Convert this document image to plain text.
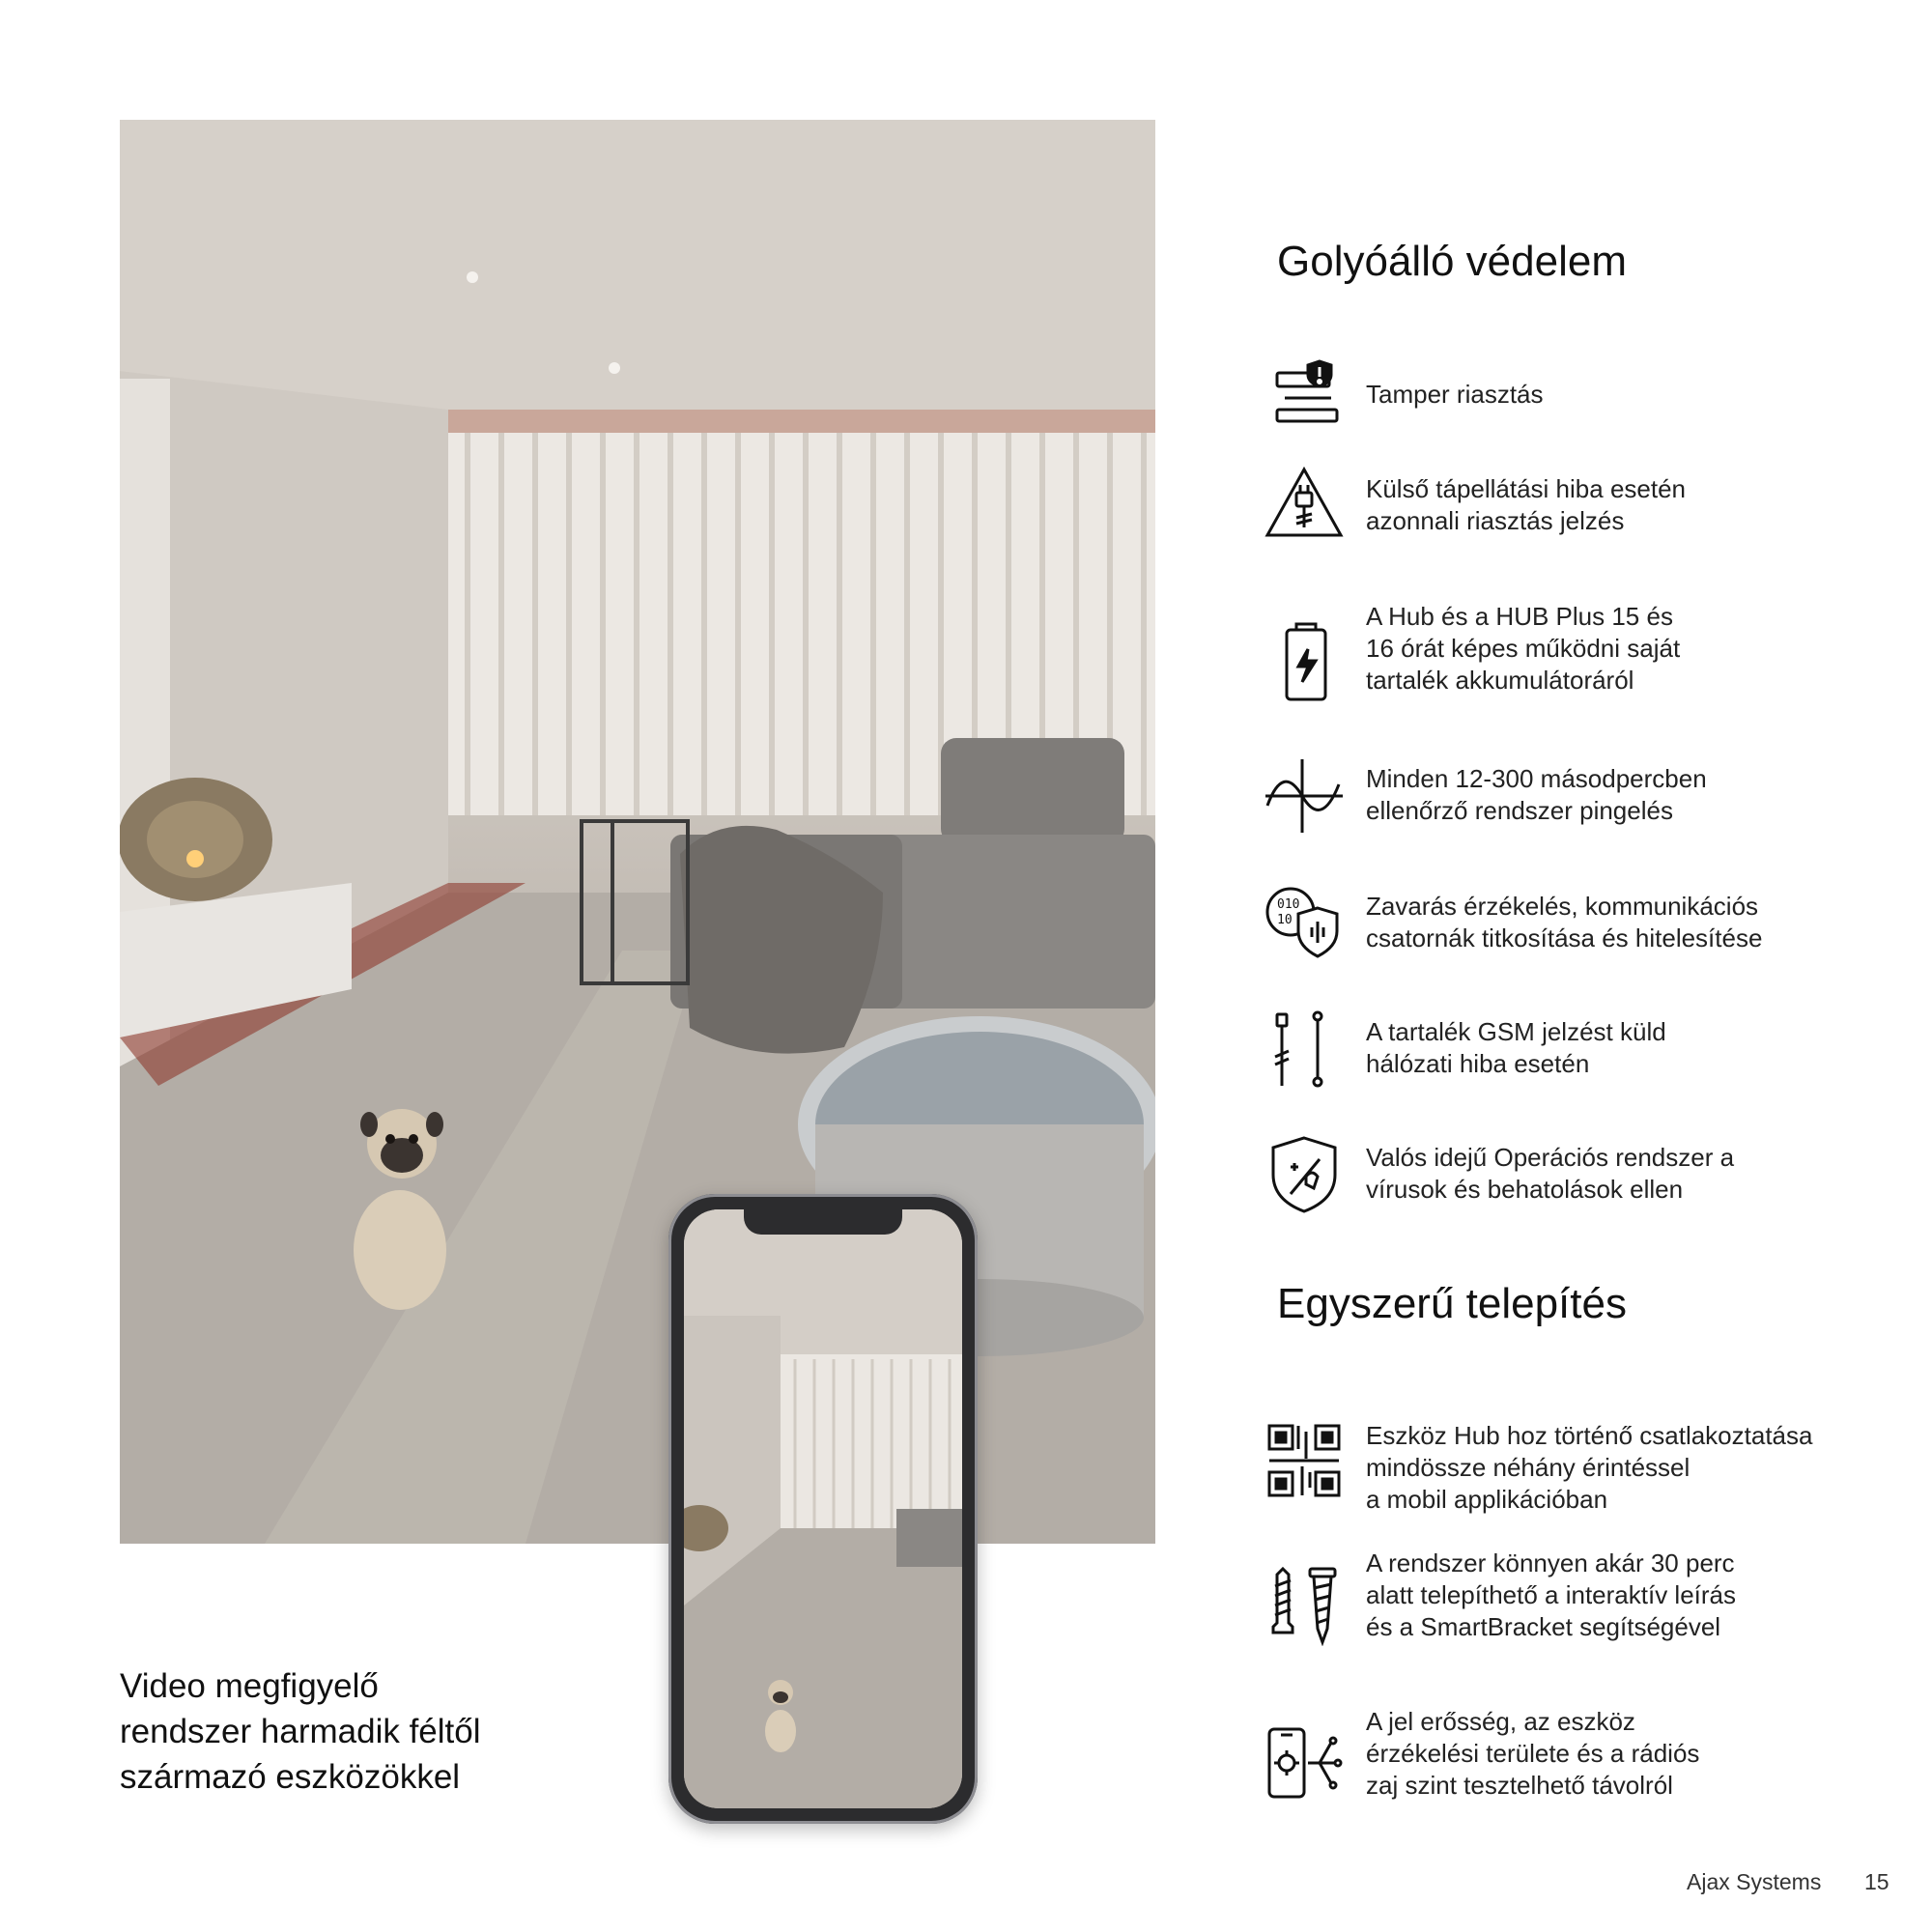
Video megfigyelő
rendszer harmadik féltől
származó eszközökkel
Golyóálló védelem
Tamper riasztás
Külső tápellátási hiba esetén
azonnali riasztás jelzés
A Hub és a HUB Plus 15 és
16 órát képes működni saját
tartalék akkumulátoráról
Minden 12-300 másodpercben
ellenőrző rendszer pingelés
010
10	Zavarás érzékelés, kommunikációs
csatornák titkosítása és hitelesítése
A tartalék GSM jelzést küld
hálózati hiba esetén
Valós idejű Operációs rendszer a
vírusok és behatolások ellen
Egyszerű telepítés
Eszköz Hub hoz történő csatlakoztatása
mindössze néhány érintéssel
a mobil applikációban
A rendszer könnyen akár 30 perc
alatt telepíthető a interaktív leírás
és a SmartBracket segítségével
A jel erősség, az eszköz
érzékelési területe és a rádiós
zaj szint tesztelhető távolról
Ajax Systems 15
